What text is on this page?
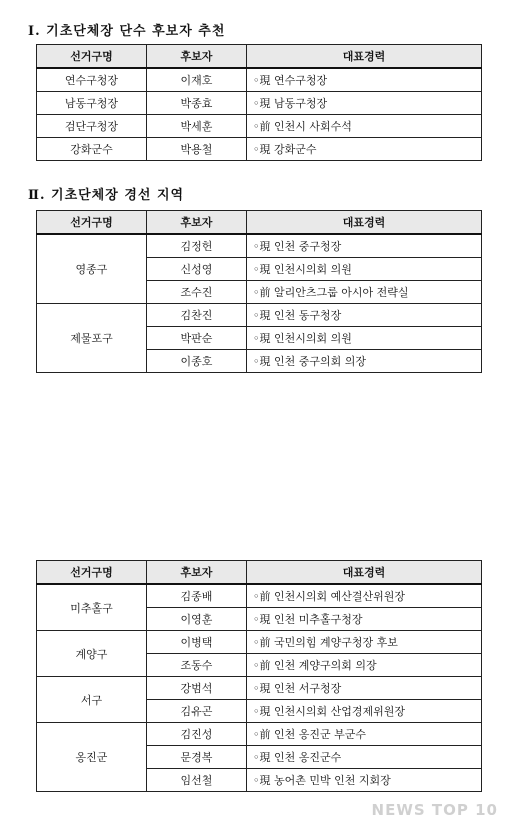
Ⅰ. 기초단체장 단수 후보자 추천
선거구명	후보자	대표경력
연수구청장	이재호	◦現 연수구청장
남동구청장	박종효	◦現 남동구청장
검단구청장	박세훈	◦前 인천시 사회수석
강화군수	박용철	◦現 강화군수
Ⅱ. 기초단체장 경선 지역
선거구명	후보자	대표경력
영종구	김정헌	◦現 인천 중구청장
	신성영	◦現 인천시의회 의원
	조수진	◦前 알리안츠그룹 아시아 전략실
제물포구	김찬진	◦現 인천 동구청장
	박판순	◦現 인천시의회 의원
	이종호	◦現 인천 중구의회 의장
선거구명	후보자	대표경력
미추홀구	김종배	◦前 인천시의회 예산결산위원장
	이영훈	◦現 인천 미추홀구청장
계양구	이병택	◦前 국민의힘 계양구청장 후보
	조동수	◦前 인천 계양구의회 의장
서구	강범석	◦現 인천 서구청장
	김유곤	◦現 인천시의회 산업경제위원장
옹진군	김진성	◦前 인천 옹진군 부군수
	문경복	◦現 인천 옹진군수
	임선철	◦現 농어촌 민박 인천 지회장
NEWS TOP 10
